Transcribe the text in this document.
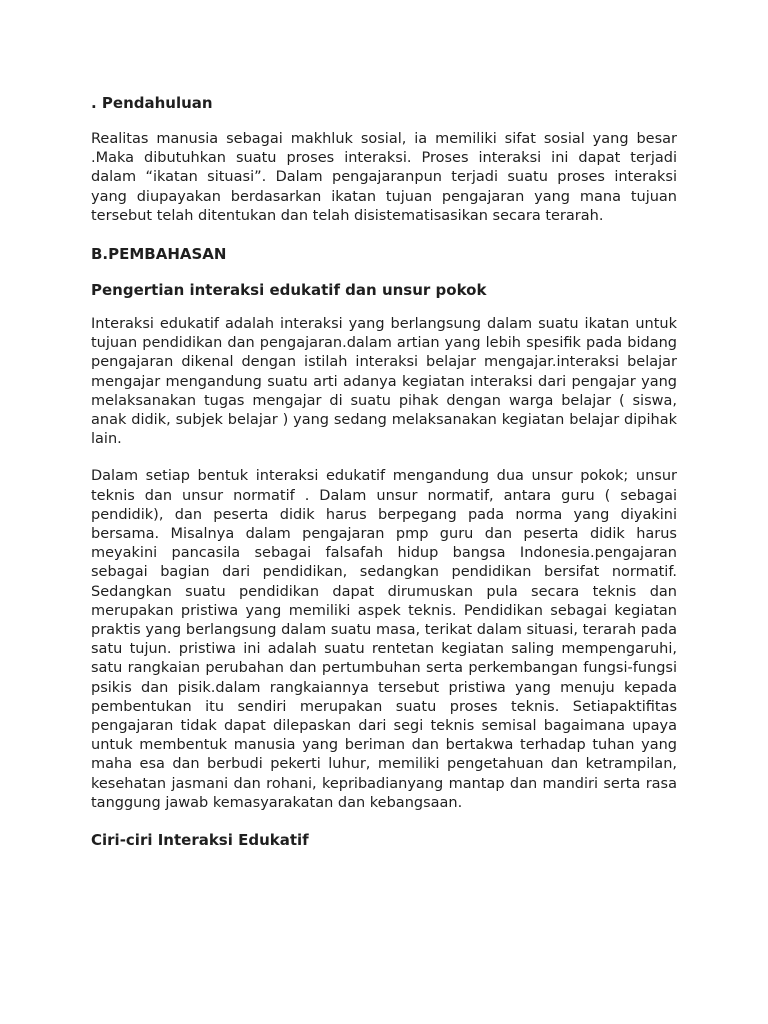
. Pendahuluan

Realitas manusia sebagai makhluk sosial, ia memiliki sifat sosial yang besar .Maka dibutuhkan suatu proses interaksi. Proses interaksi ini dapat terjadi dalam “ikatan situasi”. Dalam pengajaranpun terjadi suatu proses interaksi yang diupayakan berdasarkan ikatan tujuan pengajaran yang mana tujuan tersebut telah ditentukan dan telah disistematisasikan secara terarah.

B.PEMBAHASAN
Pengertian interaksi edukatif dan unsur pokok

Interaksi edukatif adalah interaksi yang berlangsung dalam suatu ikatan untuk tujuan pendidikan dan pengajaran.dalam artian yang lebih spesifik pada bidang pengajaran dikenal dengan istilah interaksi belajar mengajar.interaksi belajar mengajar mengandung suatu arti adanya kegiatan interaksi dari pengajar yang melaksanakan tugas mengajar di suatu pihak dengan warga belajar ( siswa, anak didik, subjek belajar ) yang sedang melaksanakan kegiatan belajar dipihak lain.

Dalam setiap bentuk interaksi edukatif mengandung dua unsur pokok; unsur teknis dan unsur normatif . Dalam unsur normatif, antara guru ( sebagai pendidik), dan peserta didik harus berpegang pada norma yang diyakini bersama. Misalnya dalam pengajaran pmp guru dan peserta didik harus meyakini pancasila sebagai falsafah hidup bangsa Indonesia.pengajaran sebagai bagian dari pendidikan, sedangkan pendidikan bersifat normatif. Sedangkan suatu pendidikan dapat dirumuskan pula secara teknis dan merupakan pristiwa yang memiliki aspek teknis. Pendidikan sebagai kegiatan praktis yang berlangsung dalam suatu masa, terikat dalam situasi, terarah pada satu tujun. pristiwa ini adalah suatu rentetan kegiatan saling mempengaruhi, satu rangkaian perubahan dan pertumbuhan serta perkembangan fungsi-fungsi psikis dan pisik.dalam rangkaiannya tersebut pristiwa yang menuju kepada pembentukan itu sendiri merupakan suatu proses teknis. Setiapaktifitas pengajaran tidak dapat dilepaskan dari segi teknis semisal bagaimana upaya untuk membentuk manusia yang beriman dan bertakwa terhadap tuhan yang maha esa dan berbudi pekerti luhur, memiliki pengetahuan dan ketrampilan, kesehatan jasmani dan rohani, kepribadianyang mantap dan mandiri serta rasa tanggung jawab kemasyarakatan dan kebangsaan.

Ciri-ciri Interaksi Edukatif
